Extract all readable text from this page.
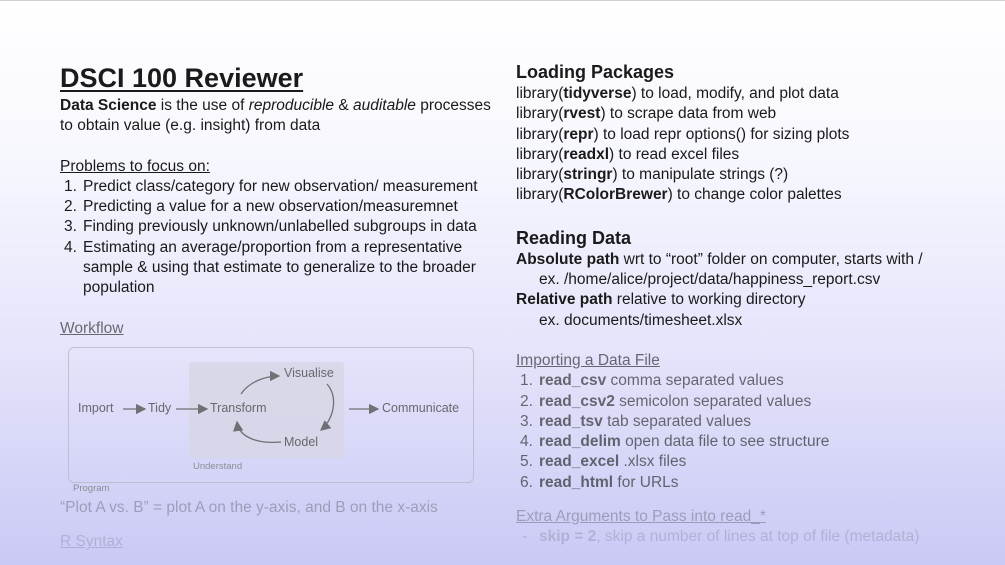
DSCI 100 Reviewer

Data Science is the use of reproducible & auditable processes to obtain value (e.g. insight) from data

Problems to focus on:

1. Predict class/category for new observation/ measurement
2. Predicting a value for a new observation/measuremnet
3. Finding previously unknown/unlabelled subgroups in data
4. Estimating an average/proportion from a representative sample & using that estimate to generalize to the broader population

Workflow

Import	Tidy	Transform
Visualise
Model
Communicate
Understand
Program

“Plot A vs. B” = plot A on the y-axis, and B on the x-axis

R Syntax

Loading Packages
library(tidyverse) to load, modify, and plot data
library(rvest) to scrape data from web
library(repr) to load repr options() for sizing plots
library(readxl) to read excel files
library(stringr) to manipulate strings (?)
library(RColorBrewer) to change color palettes
Reading Data
Absolute path wrt to “root” folder on computer, starts with /
ex. /home/alice/project/data/happiness_report.csv
Relative path relative to working directory
ex. documents/timesheet.xlsx

Importing a Data File

1. read_csv comma separated values
2. read_csv2 semicolon separated values
3. read_tsv tab separated values
4. read_delim open data file to see structure
5. read_excel .xlsx files
6. read_html for URLs

Extra Arguments to Pass into read_*

- skip = 2, skip a number of lines at top of file (metadata)
